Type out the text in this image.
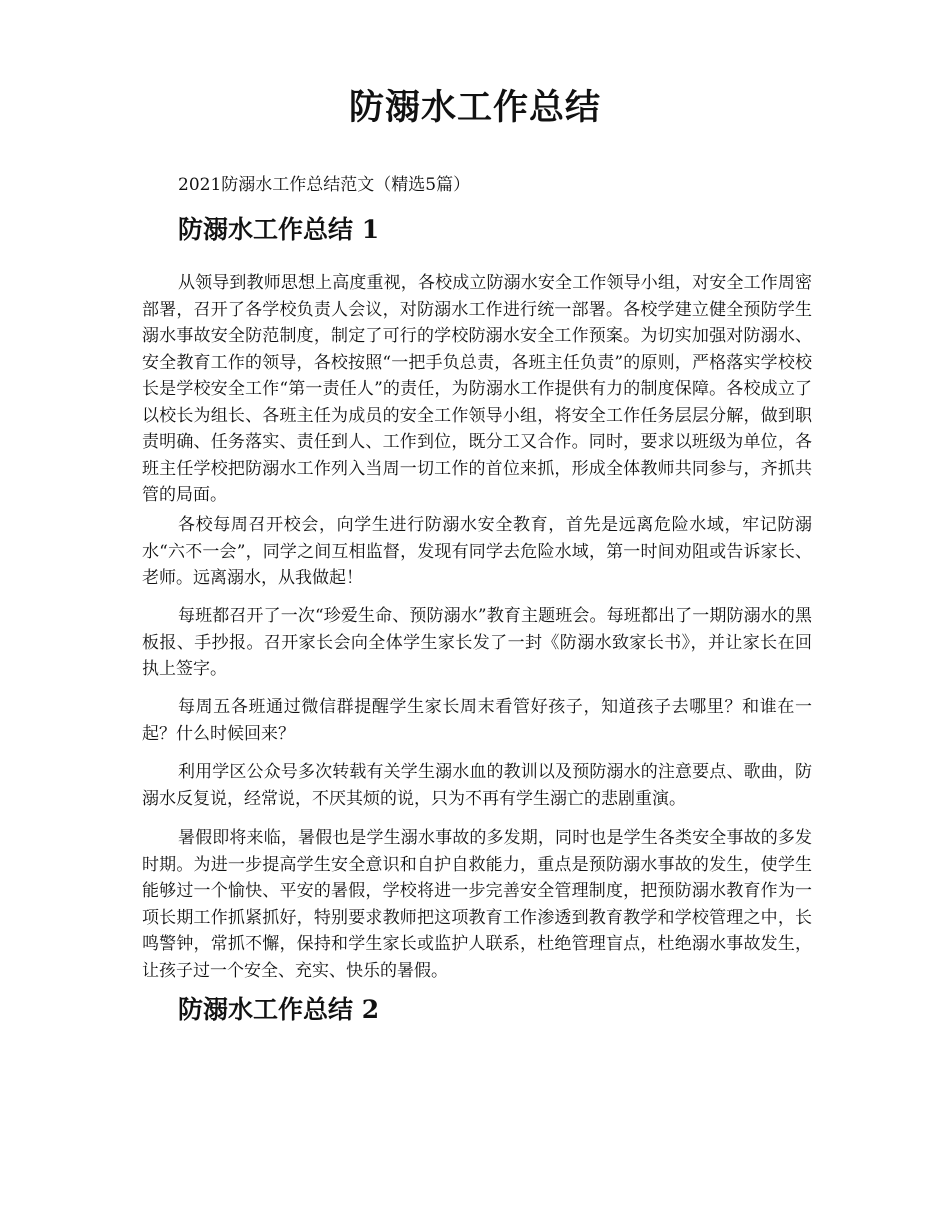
防溺水工作总结

2021防溺水工作总结范文（精选5篇）

防溺水工作总结 1

从领导到教师思想上高度重视，各校成立防溺水安全工作领导小组，对安全工作周密部署，召开了各学校负责人会议，对防溺水工作进行统一部署。各校学建立健全预防学生溺水事故安全防范制度，制定了可行的学校防溺水安全工作预案。为切实加强对防溺水、安全教育工作的领导，各校按照“一把手负总责，各班主任负责”的原则，严格落实学校校长是学校安全工作“第一责任人”的责任，为防溺水工作提供有力的制度保障。各校成立了以校长为组长、各班主任为成员的安全工作领导小组，将安全工作任务层层分解，做到职责明确、任务落实、责任到人、工作到位，既分工又合作。同时，要求以班级为单位，各班主任学校把防溺水工作列入当周一切工作的首位来抓，形成全体教师共同参与，齐抓共管的局面。

各校每周召开校会，向学生进行防溺水安全教育，首先是远离危险水域，牢记防溺水“六不一会”，同学之间互相监督，发现有同学去危险水域，第一时间劝阻或告诉家长、老师。远离溺水，从我做起！

每班都召开了一次“珍爱生命、预防溺水”教育主题班会。每班都出了一期防溺水的黑板报、手抄报。召开家长会向全体学生家长发了一封《防溺水致家长书》，并让家长在回执上签字。

每周五各班通过微信群提醒学生家长周末看管好孩子，知道孩子去哪里？和谁在一起？什么时候回来？

利用学区公众号多次转载有关学生溺水血的教训以及预防溺水的注意要点、歌曲，防溺水反复说，经常说，不厌其烦的说，只为不再有学生溺亡的悲剧重演。

暑假即将来临，暑假也是学生溺水事故的多发期，同时也是学生各类安全事故的多发时期。为进一步提高学生安全意识和自护自救能力，重点是预防溺水事故的发生，使学生能够过一个愉快、平安的暑假，学校将进一步完善安全管理制度，把预防溺水教育作为一项长期工作抓紧抓好，特别要求教师把这项教育工作渗透到教育教学和学校管理之中，长鸣警钟，常抓不懈，保持和学生家长或监护人联系，杜绝管理盲点，杜绝溺水事故发生，让孩子过一个安全、充实、快乐的暑假。

防溺水工作总结 2
